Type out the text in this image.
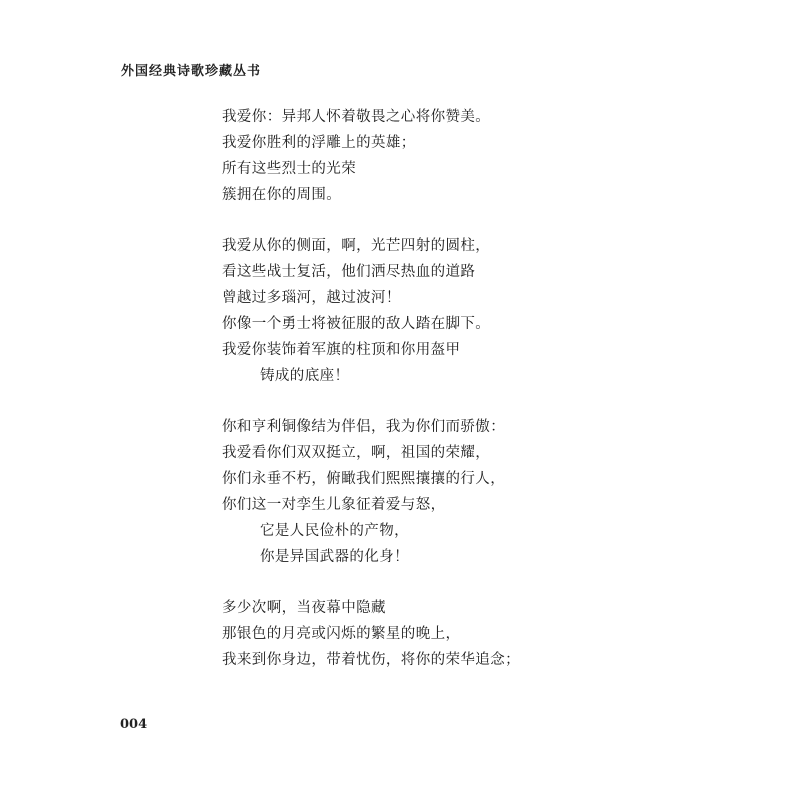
外国经典诗歌珍藏丛书
我爱你：异邦人怀着敬畏之心将你赞美。
我爱你胜利的浮雕上的英雄；
所有这些烈士的光荣
簇拥在你的周围。
我爱从你的侧面，啊，光芒四射的圆柱，
看这些战士复活，他们洒尽热血的道路
曾越过多瑙河，越过波河！
你像一个勇士将被征服的敌人踏在脚下。
我爱你装饰着军旗的柱顶和你用盔甲
铸成的底座！
你和亨利铜像结为伴侣，我为你们而骄傲：
我爱看你们双双挺立，啊，祖国的荣耀，
你们永垂不朽，俯瞰我们熙熙攘攘的行人，
你们这一对孪生儿象征着爱与怒，
它是人民俭朴的产物，
你是异国武器的化身！
多少次啊，当夜幕中隐藏
那银色的月亮或闪烁的繁星的晚上，
我来到你身边，带着忧伤，将你的荣华追念；
004
